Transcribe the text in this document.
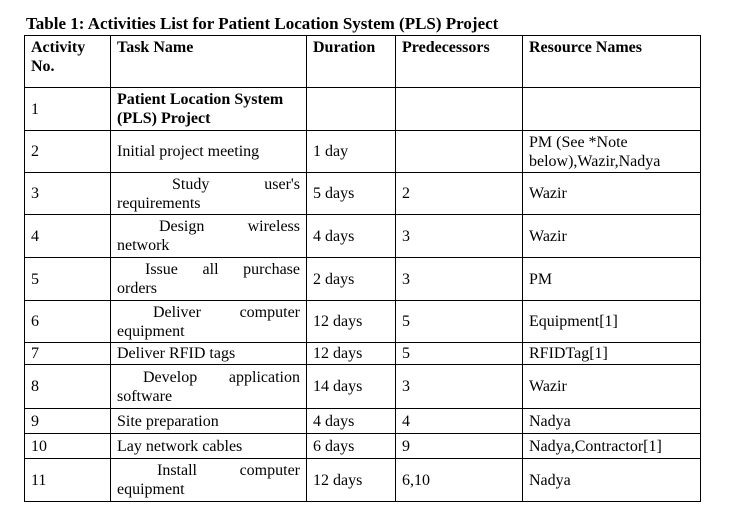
Table 1: Activities List for Patient Location System (PLS) Project
Activity No.	Task Name	Duration	Predecessors	Resource Names
1	Patient Location System (PLS) Project			
2	Initial project meeting	1 day		PM (See *Note below),Wazir,Nadya
3	Study user's requirements	5 days	2	Wazir
4	Design wireless network	4 days	3	Wazir
5	Issue all purchase orders	2 days	3	PM
6	Deliver computer equipment	12 days	5	Equipment[1]
7	Deliver RFID tags	12 days	5	RFIDTag[1]
8	Develop application software	14 days	3	Wazir
9	Site preparation	4 days	4	Nadya
10	Lay network cables	6 days	9	Nadya,Contractor[1]
11	Install computer equipment	12 days	6,10	Nadya
